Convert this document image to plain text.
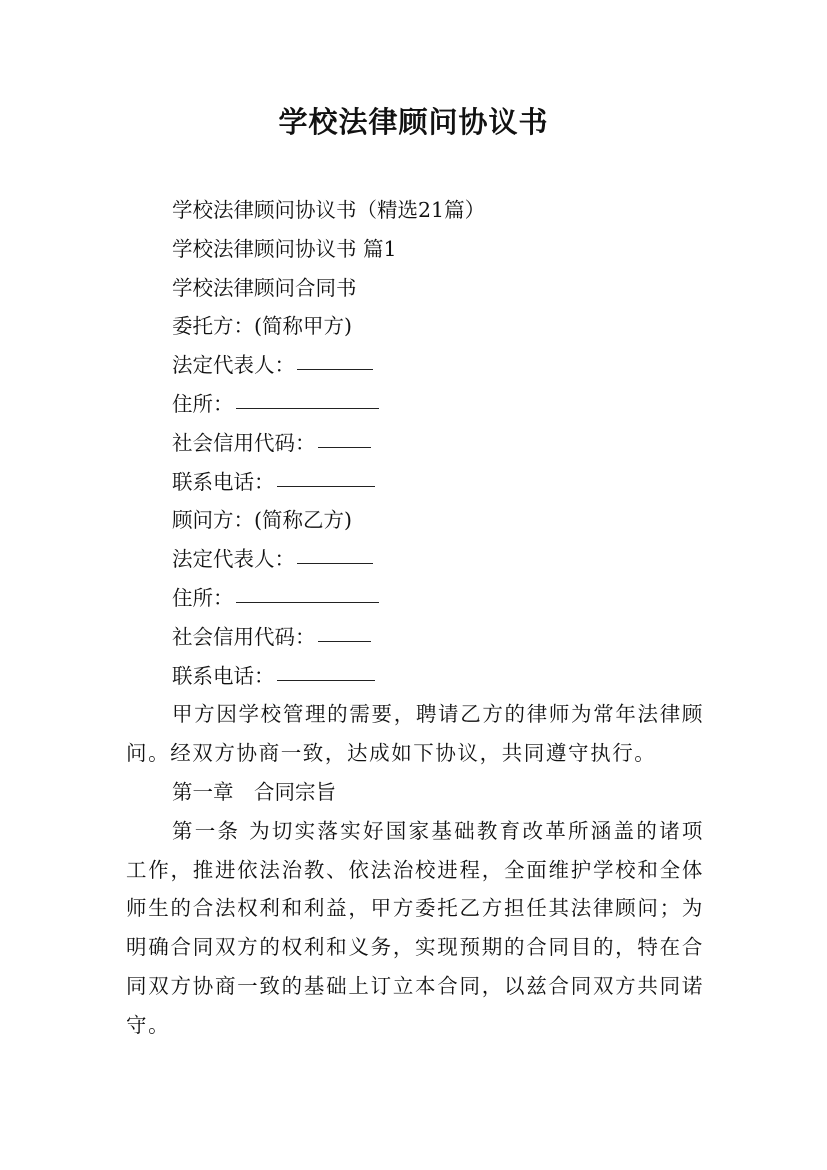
学校法律顾问协议书
学校法律顾问协议书（精选21篇）
学校法律顾问协议书 篇1
学校法律顾问合同书
委托方：(简称甲方)
法定代表人：
住所：
社会信用代码：
联系电话：
顾问方：(简称乙方)
法定代表人：
住所：
社会信用代码：
联系电话：
甲方因学校管理的需要，聘请乙方的律师为常年法律顾问。经双方协商一致，达成如下协议，共同遵守执行。
第一章　合同宗旨
第一条 为切实落实好国家基础教育改革所涵盖的诸项工作，推进依法治教、依法治校进程，全面维护学校和全体师生的合法权利和利益，甲方委托乙方担任其法律顾问；为明确合同双方的权利和义务，实现预期的合同目的，特在合同双方协商一致的基础上订立本合同，以兹合同双方共同诺守。
